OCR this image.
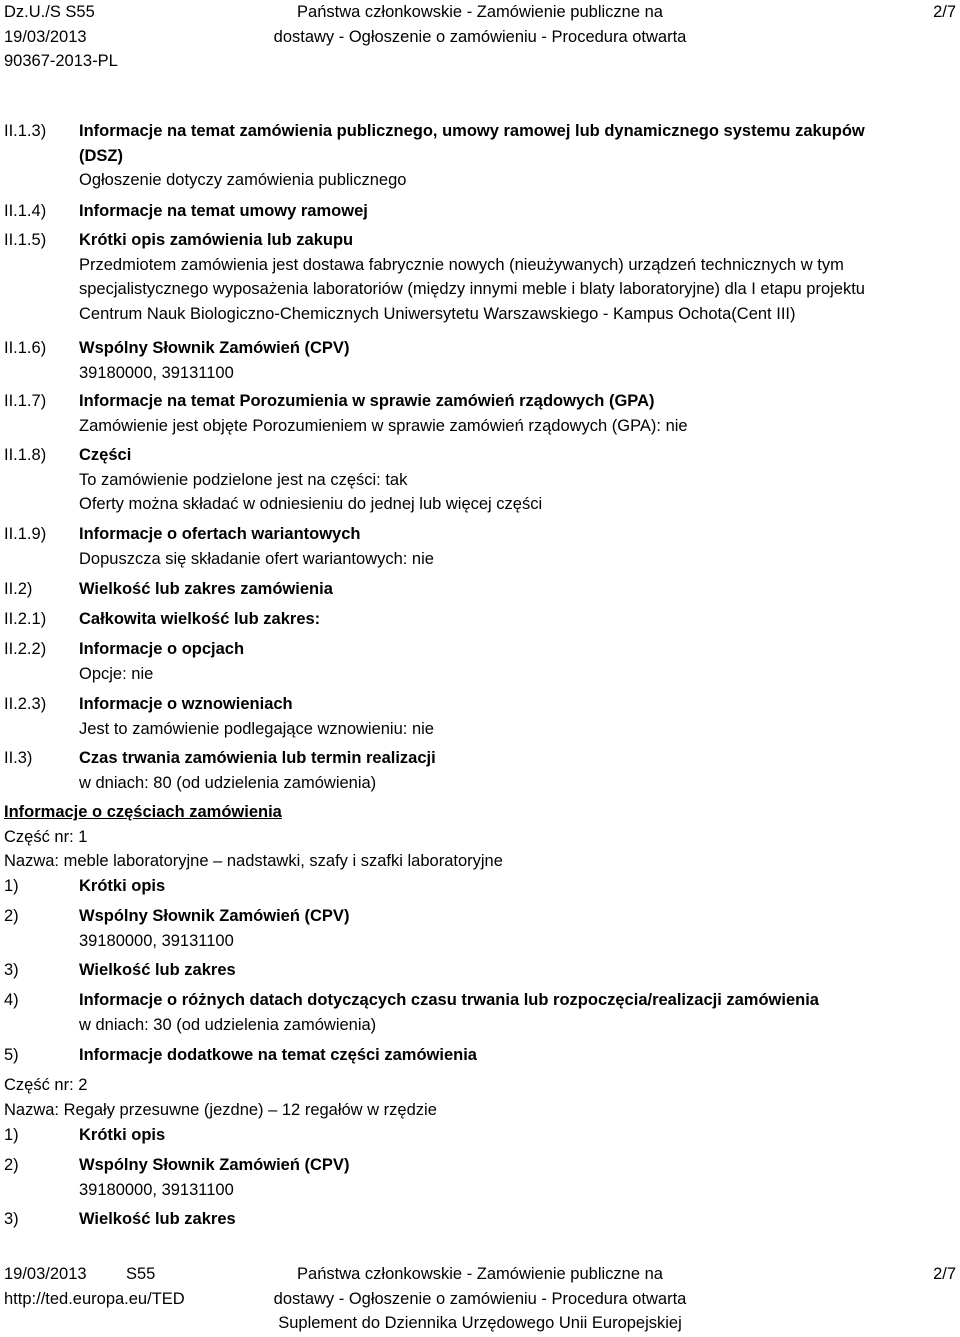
Dz.U./S S55
19/03/2013
90367-2013-PL
Państwa członkowskie - Zamówienie publiczne na
dostawy - Ogłoszenie o zamówieniu - Procedura otwarta
2/7
II.1.3) Informacje na temat zamówienia publicznego, umowy ramowej lub dynamicznego systemu zakupów
(DSZ)
Ogłoszenie dotyczy zamówienia publicznego
II.1.4) Informacje na temat umowy ramowej
II.1.5) Krótki opis zamówienia lub zakupu
Przedmiotem zamówienia jest dostawa fabrycznie nowych (nieużywanych) urządzeń technicznych w tym
specjalistycznego wyposażenia laboratoriów (między innymi meble i blaty laboratoryjne) dla I etapu projektu
Centrum Nauk Biologiczno-Chemicznych Uniwersytetu Warszawskiego - Kampus Ochota(Cent III)
II.1.6) Wspólny Słownik Zamówień (CPV)
39180000, 39131100
II.1.7) Informacje na temat Porozumienia w sprawie zamówień rządowych (GPA)
Zamówienie jest objęte Porozumieniem w sprawie zamówień rządowych (GPA): nie
II.1.8) Części
To zamówienie podzielone jest na części: tak
Oferty można składać w odniesieniu do jednej lub więcej części
II.1.9) Informacje o ofertach wariantowych
Dopuszcza się składanie ofert wariantowych: nie
II.2)	Wielkość lub zakres zamówienia
II.2.1) Całkowita wielkość lub zakres:
II.2.2) Informacje o opcjach
Opcje: nie
II.2.3) Informacje o wznowieniach
Jest to zamówienie podlegające wznowieniu: nie
II.3)	Czas trwania zamówienia lub termin realizacji
w dniach: 80 (od udzielenia zamówienia)
Informacje o częściach zamówienia
Część nr: 1
Nazwa: meble laboratoryjne – nadstawki, szafy i szafki laboratoryjne
1)	Krótki opis
2)	Wspólny Słownik Zamówień (CPV)
39180000, 39131100
3)	Wielkość lub zakres
4)	Informacje o różnych datach dotyczących czasu trwania lub rozpoczęcia/realizacji zamówienia
w dniach: 30 (od udzielenia zamówienia)
5)	Informacje dodatkowe na temat części zamówienia
Część nr: 2
Nazwa: Regały przesuwne (jezdne) – 12 regałów w rzędzie
1)	Krótki opis
2)	Wspólny Słownik Zamówień (CPV)
39180000, 39131100
3)	Wielkość lub zakres
19/03/2013
http://ted.europa.eu/TED
S55	Państwa członkowskie - Zamówienie publiczne na
dostawy - Ogłoszenie o zamówieniu - Procedura otwarta
Suplement do Dziennika Urzędowego Unii Europejskiej
2/7
